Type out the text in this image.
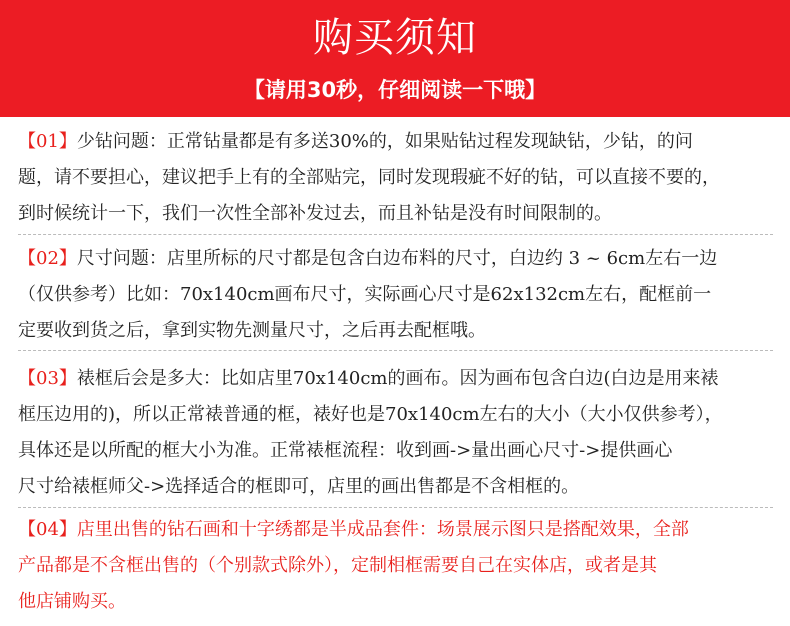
购买须知
【请用30秒，仔细阅读一下哦】
【01】少钻问题：正常钻量都是有多送30%的，如果贴钻过程发现缺钻，少钻，的问
题，请不要担心，建议把手上有的全部贴完，同时发现瑕疵不好的钻，可以直接不要的，
到时候统计一下，我们一次性全部补发过去，而且补钻是没有时间限制的。
【02】尺寸问题：店里所标的尺寸都是包含白边布料的尺寸，白边约 3 ~ 6cm左右一边
（仅供参考）比如：70x140cm画布尺寸，实际画心尺寸是62x132cm左右，配框前一
定要收到货之后，拿到实物先测量尺寸，之后再去配框哦。
【03】裱框后会是多大：比如店里70x140cm的画布。因为画布包含白边(白边是用来裱
框压边用的)，所以正常裱普通的框，裱好也是70x140cm左右的大小（大小仅供参考），
具体还是以所配的框大小为准。正常裱框流程：收到画->量出画心尺寸->提供画心
尺寸给裱框师父->选择适合的框即可，店里的画出售都是不含相框的。
【04】店里出售的钻石画和十字绣都是半成品套件：场景展示图只是搭配效果，全部
产品都是不含框出售的（个别款式除外），定制相框需要自己在实体店，或者是其
他店铺购买。
